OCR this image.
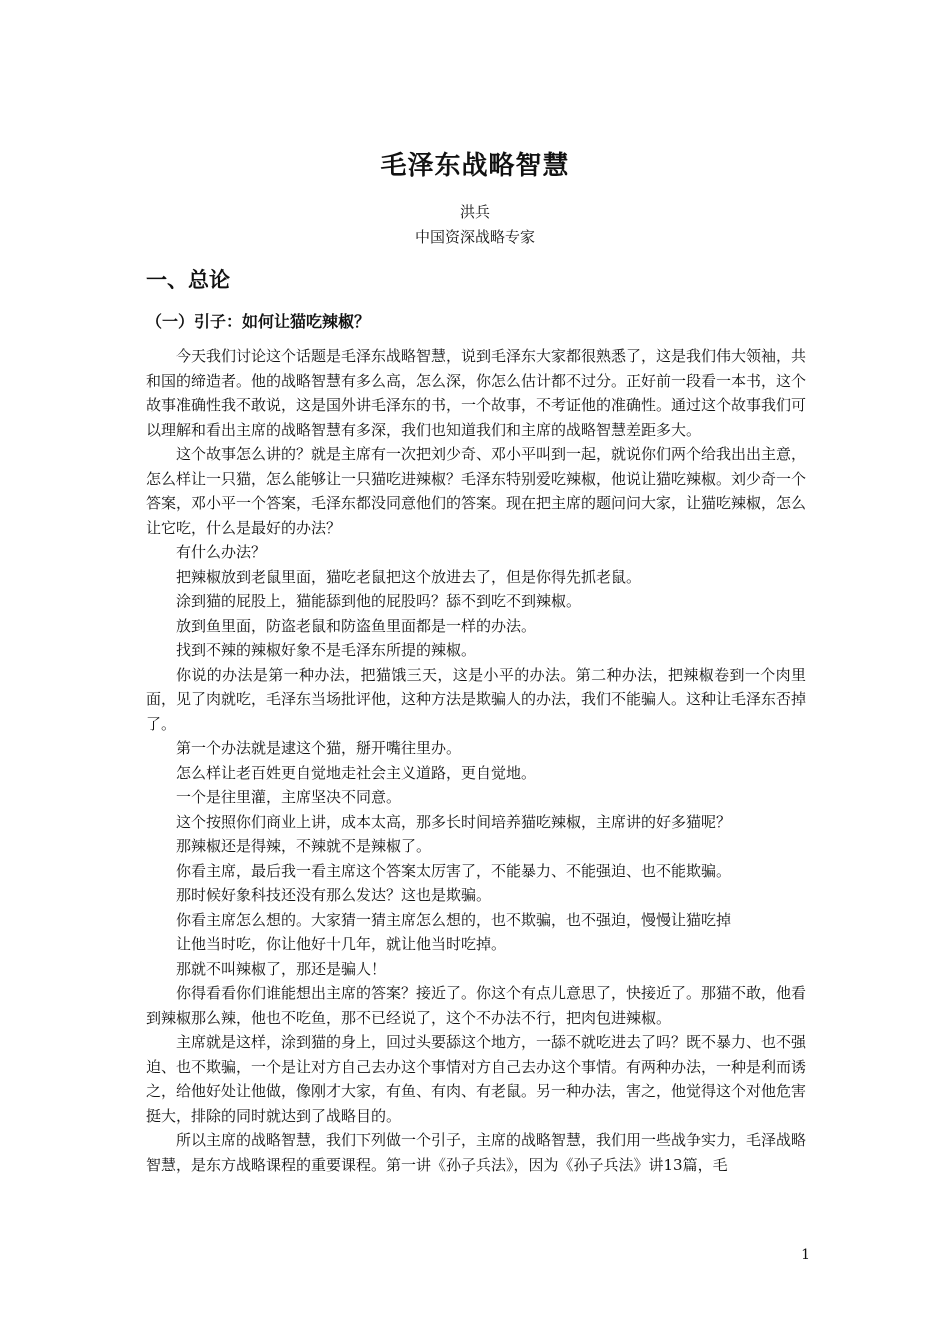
毛泽东战略智慧
洪兵
中国资深战略专家
一、总论
（一）引子：如何让猫吃辣椒？

今天我们讨论这个话题是毛泽东战略智慧，说到毛泽东大家都很熟悉了，这是我们伟大领袖，共和国的缔造者。他的战略智慧有多么高，怎么深，你怎么估计都不过分。正好前一段看一本书，这个故事准确性我不敢说，这是国外讲毛泽东的书，一个故事，不考证他的准确性。通过这个故事我们可以理解和看出主席的战略智慧有多深，我们也知道我们和主席的战略智慧差距多大。

这个故事怎么讲的？就是主席有一次把刘少奇、邓小平叫到一起，就说你们两个给我出出主意，怎么样让一只猫，怎么能够让一只猫吃进辣椒？毛泽东特别爱吃辣椒，他说让猫吃辣椒。刘少奇一个答案，邓小平一个答案，毛泽东都没同意他们的答案。现在把主席的题问问大家，让猫吃辣椒，怎么让它吃，什么是最好的办法？

有什么办法？

把辣椒放到老鼠里面，猫吃老鼠把这个放进去了，但是你得先抓老鼠。

涂到猫的屁股上，猫能舔到他的屁股吗？舔不到吃不到辣椒。

放到鱼里面，防盗老鼠和防盗鱼里面都是一样的办法。

找到不辣的辣椒好象不是毛泽东所提的辣椒。

你说的办法是第一种办法，把猫饿三天，这是小平的办法。第二种办法，把辣椒卷到一个肉里面，见了肉就吃，毛泽东当场批评他，这种方法是欺骗人的办法，我们不能骗人。这种让毛泽东否掉了。

第一个办法就是逮这个猫，掰开嘴往里办。

怎么样让老百姓更自觉地走社会主义道路，更自觉地。

一个是往里灌，主席坚决不同意。

这个按照你们商业上讲，成本太高，那多长时间培养猫吃辣椒，主席讲的好多猫呢？

那辣椒还是得辣，不辣就不是辣椒了。

你看主席，最后我一看主席这个答案太厉害了，不能暴力、不能强迫、也不能欺骗。

那时候好象科技还没有那么发达？这也是欺骗。

你看主席怎么想的。大家猜一猜主席怎么想的，也不欺骗，也不强迫，慢慢让猫吃掉

让他当时吃，你让他好十几年，就让他当时吃掉。

那就不叫辣椒了，那还是骗人！

你得看看你们谁能想出主席的答案？接近了。你这个有点儿意思了，快接近了。那猫不敢，他看到辣椒那么辣，他也不吃鱼，那不已经说了，这个不办法不行，把肉包进辣椒。

主席就是这样，涂到猫的身上，回过头要舔这个地方，一舔不就吃进去了吗？既不暴力、也不强迫、也不欺骗，一个是让对方自己去办这个事情对方自己去办这个事情。有两种办法，一种是利而诱之，给他好处让他做，像刚才大家，有鱼、有肉、有老鼠。另一种办法，害之，他觉得这个对他危害挺大，排除的同时就达到了战略目的。

所以主席的战略智慧，我们下列做一个引子，主席的战略智慧，我们用一些战争实力，毛泽战略智慧，是东方战略课程的重要课程。第一讲《孙子兵法》，因为《孙子兵法》讲13篇，毛

1
